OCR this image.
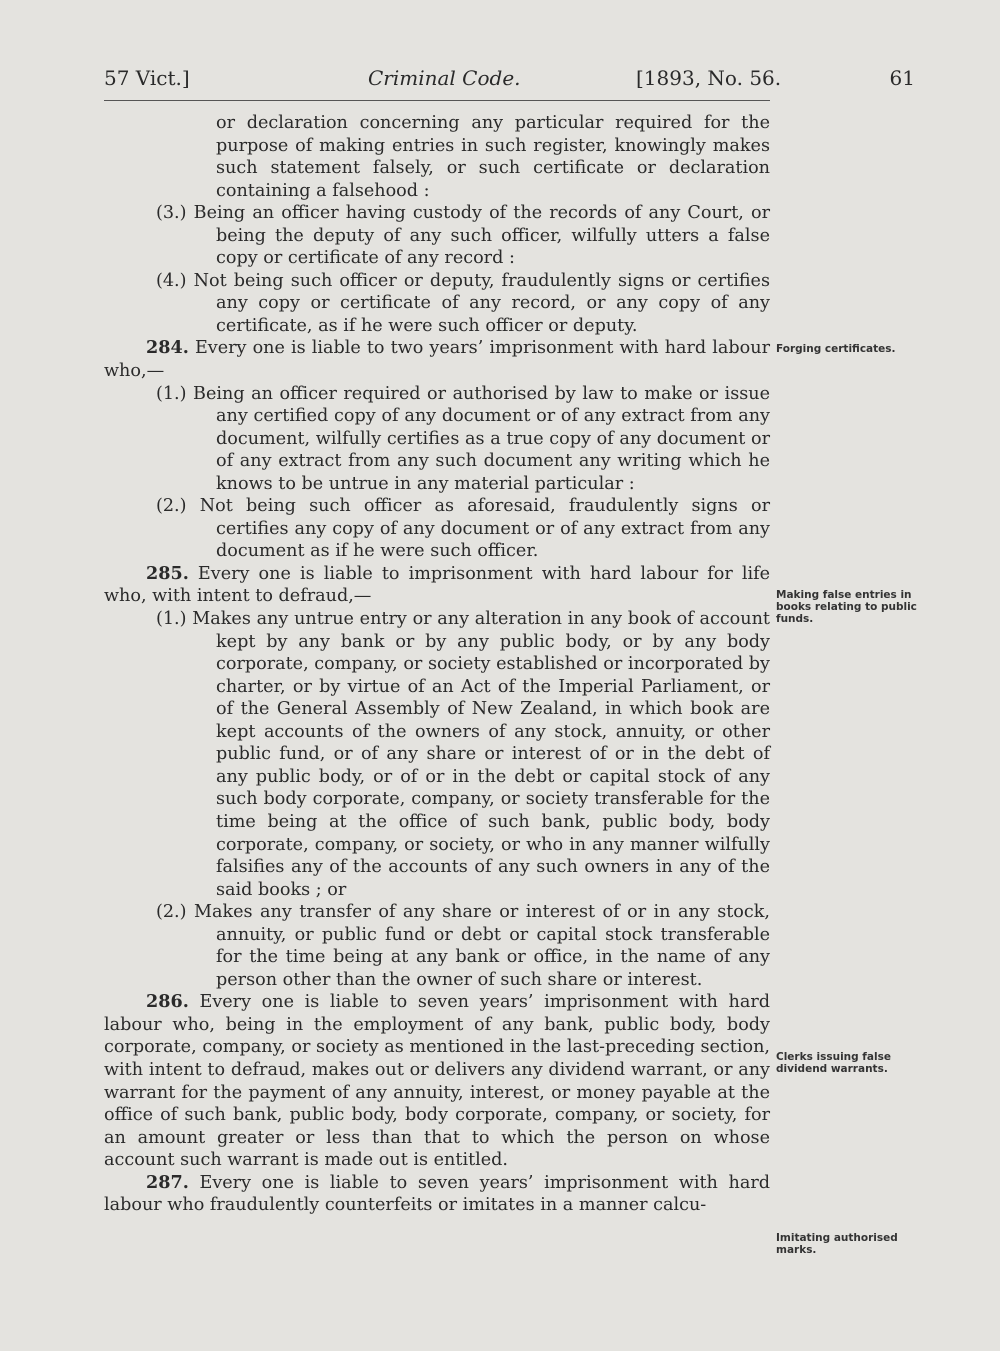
57 Vict.]	Criminal Code.	[1893, No. 56.	61

or declaration concerning any particular required for the purpose of making entries in such register, knowingly makes such statement falsely, or such certificate or declaration containing a falsehood :

(3.) Being an officer having custody of the records of any Court, or being the deputy of any such officer, wilfully utters a false copy or certificate of any record :

(4.) Not being such officer or deputy, fraudulently signs or certifies any copy or certificate of any record, or any copy of any certificate, as if he were such officer or deputy.

284. Every one is liable to two years’ imprisonment with hard labour who,—

(1.) Being an officer required or authorised by law to make or issue any certified copy of any document or of any extract from any document, wilfully certifies as a true copy of any document or of any extract from any such document any writing which he knows to be untrue in any material particular :

(2.) Not being such officer as aforesaid, fraudulently signs or certifies any copy of any document or of any extract from any document as if he were such officer.

285. Every one is liable to imprisonment with hard labour for life who, with intent to defraud,—

(1.) Makes any untrue entry or any alteration in any book of account kept by any bank or by any public body, or by any body corporate, company, or society established or incorporated by charter, or by virtue of an Act of the Imperial Parliament, or of the General Assembly of New Zealand, in which book are kept accounts of the owners of any stock, annuity, or other public fund, or of any share or interest of or in the debt of any public body, or of or in the debt or capital stock of any such body corporate, company, or society transferable for the time being at the office of such bank, public body, body corporate, company, or society, or who in any manner wilfully falsifies any of the accounts of any such owners in any of the said books ; or

(2.) Makes any transfer of any share or interest of or in any stock, annuity, or public fund or debt or capital stock transferable for the time being at any bank or office, in the name of any person other than the owner of such share or interest.

286. Every one is liable to seven years’ imprisonment with hard labour who, being in the employment of any bank, public body, body corporate, company, or society as mentioned in the last-preceding section, with intent to defraud, makes out or delivers any dividend warrant, or any warrant for the payment of any annuity, interest, or money payable at the office of such bank, public body, body corporate, company, or society, for an amount greater or less than that to which the person on whose account such warrant is made out is entitled.

287. Every one is liable to seven years’ imprisonment with hard labour who fraudulently counterfeits or imitates in a manner calcu-

Forging certificates.
Making false entries in books relating to public funds.
Clerks issuing false dividend warrants.
Imitating authorised marks.
